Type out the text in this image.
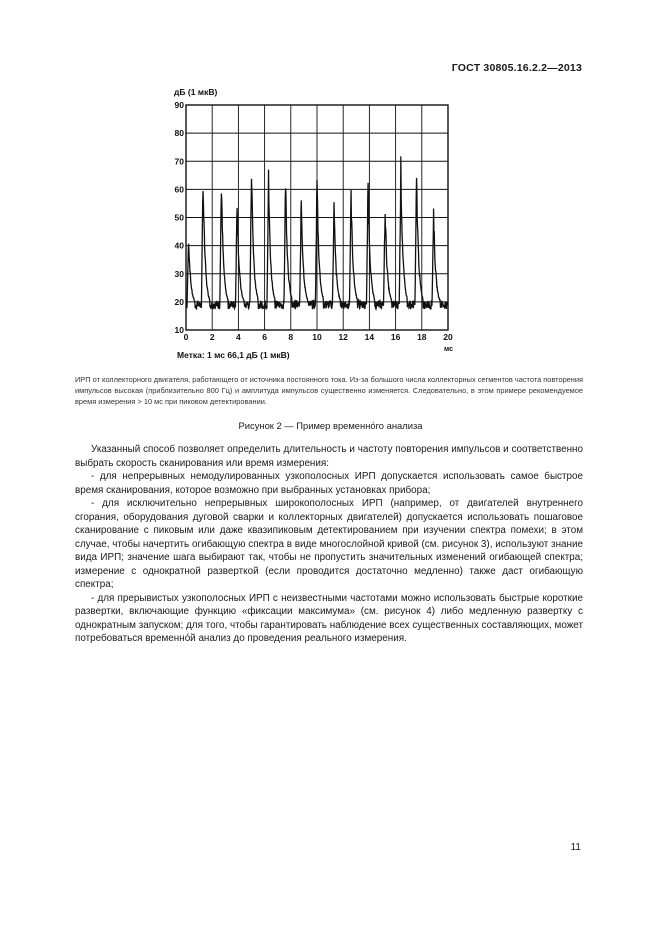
ГОСТ 30805.16.2.2—2013
дБ (1 мкВ)
90
80
70
60
50
40
30
20
10
0	2	4	6	8 10 12 14 16 18 20
мс
Метка: 1 мс 66,1 дБ (1 мкВ)

ИРП от коллекторного двигателя, работающего от источника постоянного тока. Из-за большого числа коллекторных сегментов частота повторения импульсов высокая (приблизительно 800 Гц) и амплитуда импульсов существенно изменяется. Следовательно, в этом примере рекомендуемое время измерения > 10 мс при пиковом детектировании.

Рисунок 2 — Пример временно́го анализа

Указанный способ позволяет определить длительность и частоту повторения импульсов и соответственно выбрать скорость сканирования или время измерения:

- для непрерывных немодулированных узкополосных ИРП допускается использовать самое быстрое время сканирования, которое возможно при выбранных установках прибора;

- для исключительно непрерывных широкополосных ИРП (например, от двигателей внутреннего сгорания, оборудования дуговой сварки и коллекторных двигателей) допускается использовать пошаговое сканирование с пиковым или даже квазипиковым детектированием при изучении спектра помехи; в этом случае, чтобы начертить огибающую спектра в виде многослойной кривой (см. рисунок 3), используют знание вида ИРП; значение шага выбирают так, чтобы не пропустить значительных изменений огибающей спектра; измерение с однократной разверткой (если проводится достаточно медленно) также даст огибающую спектра;

- для прерывистых узкополосных ИРП с неизвестными частотами можно использовать быстрые короткие развертки, включающие функцию «фиксации максимума» (см. рисунок 4) либо медленную развертку с однократным запуском; для того, чтобы гарантировать наблюдение всех существенных составляющих, может потребоваться временно́й анализ до проведения реального измерения.

11
